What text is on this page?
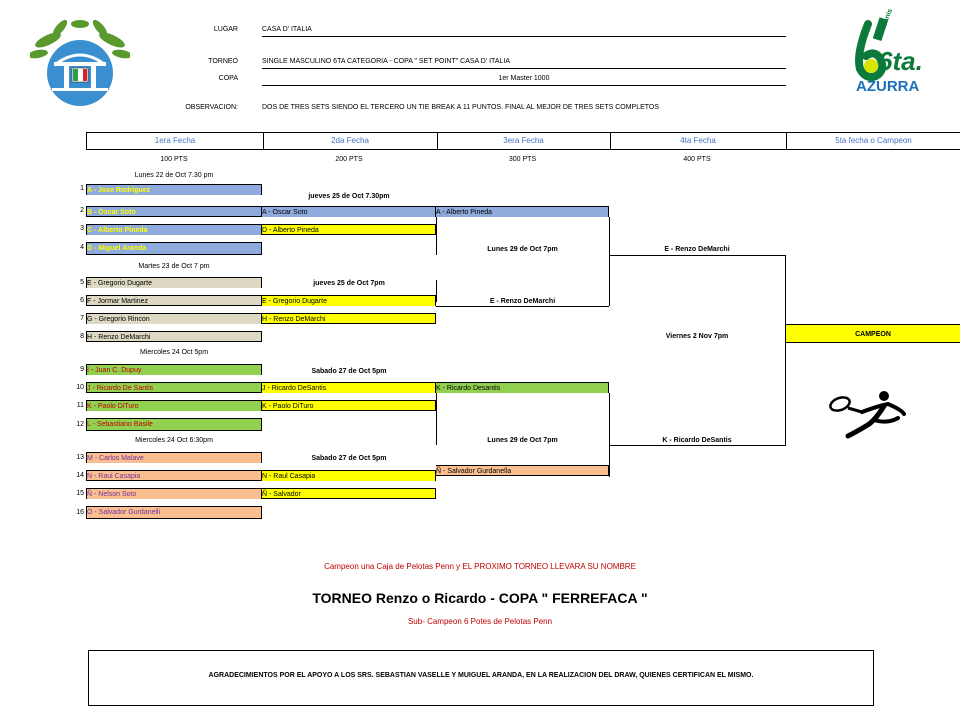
LUGAR	CASA D' ITALIA
TORNEO	SINGLE MASCULINO 6TA CATEGORIA - COPA " SET POINT" CASA D' ITALIA
COPA	1er Master 1000
OBSERVACION:	DOS DE TRES SETS SIENDO EL TERCERO UN TIE BREAK A 11 PUNTOS. FINAL AL MEJOR DE TRES SETS COMPLETOS
6ta.
Tennis
AZURRA
1era Fecha	2da Fecha	3era Fecha	4ta Fecha	5ta fecha o Campeon
100 PTS	200 PTS	300 PTS	400 PTS
Lunes 22 de Oct 7.30 pm
1 A - Jose Rodriguez
2 B - Oscar Soto
3 C - Alberto Pineda
4 D - Miguel Aranda
jueves 25 de Oct 7.30pm
A - Oscar Soto
D - Alberto Pineda
A - Alberto Pineda
Martes 23 de Oct 7 pm
5 E - Gregorio Dugarte
6 F - Jormar Martinez
7 G - Gregorio Rincon
8 H - Renzo DeMarchi
jueves 25 de Oct 7pm
E - Gregorio Dugarte
H - Renzo DeMarchi
E - Renzo DeMarchi
Lunes 29 de Oct 7pm	E - Renzo DeMarchi
Viernes 2 Nov 7pm	CAMPEON
Miercoles 24 Oct 5pm
9 I - Juan C. Dupuy
10 J - Ricardo De Santis
11 K - Paolo DiTuro
12 L - Sebastiano Basile
Sabado 27 de Oct 5pm
J - Ricardo DeSantis
K - Paolo DiTuro
K - Ricardo Desantis
Lunes 29 de Oct 7pm	K - Ricardo DeSantis
Miercoles 24 Oct 6:30pm
13 M - Carlos Malave
14 N - Raul Casapia
15 Ñ - Nelson Soto
16 O - Salvador Gurdanelli
Sabado 27 de Oct 5pm
N - Raul Casapia
Ñ - Salvador
Ñ - Salvador Gurdanella
Campeon una Caja de Pelotas Penn y EL PROXIMO TORNEO LLEVARA SU NOMBRE
TORNEO Renzo o Ricardo - COPA " FERREFACA "
Sub- Campeon 6 Potes de Pelotas Penn
AGRADECIMIENTOS POR EL APOYO A LOS SRS. SEBASTIAN VASELLE Y MUIGUEL ARANDA, EN LA REALIZACION DEL DRAW, QUIENES CERTIFICAN EL MISMO.
